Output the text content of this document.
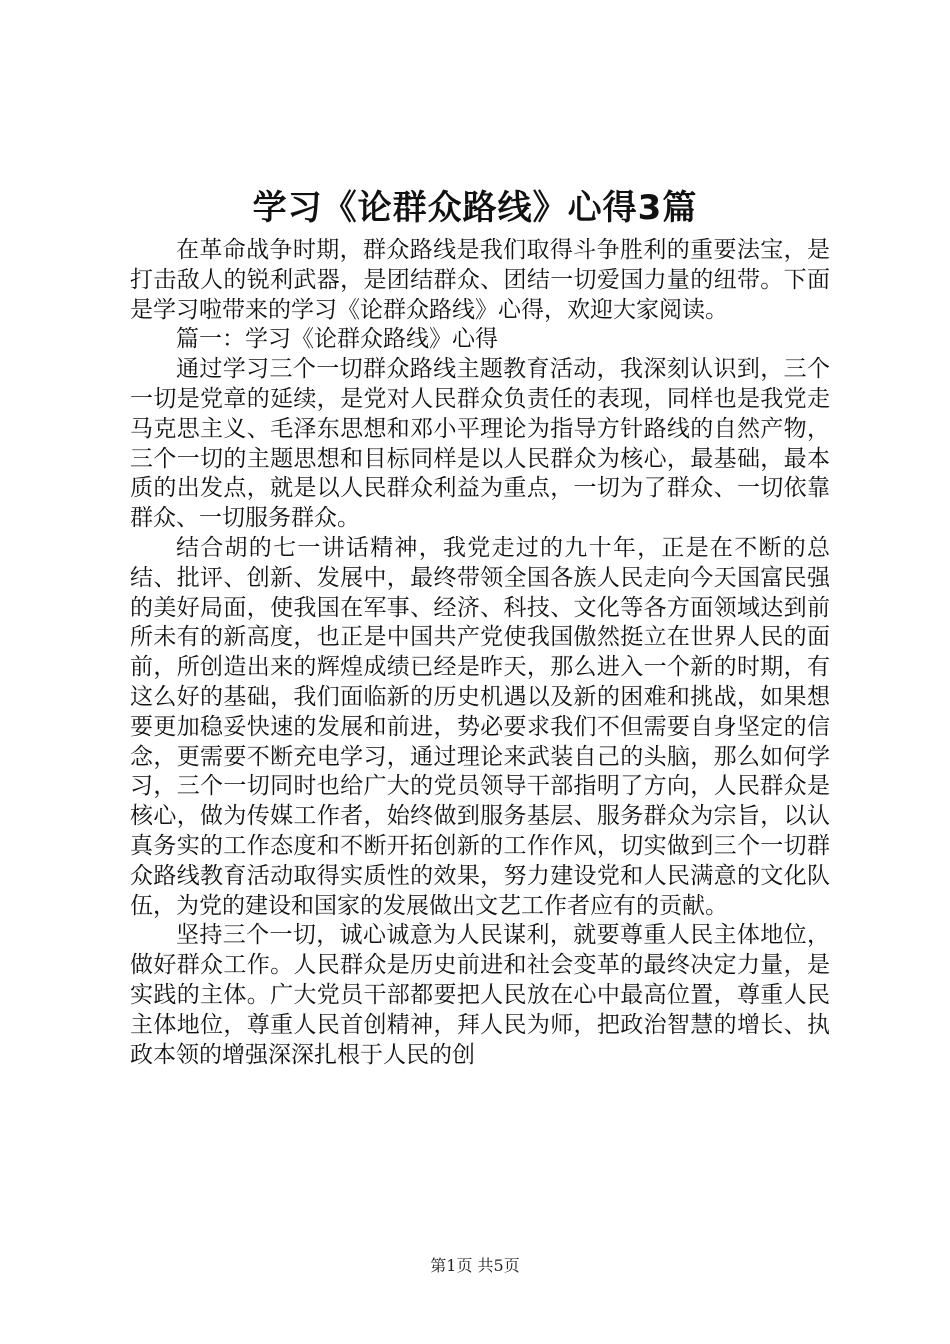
学习《论群众路线》心得3篇

在革命战争时期，群众路线是我们取得斗争胜利的重要法宝，是打击敌人的锐利武器，是团结群众、团结一切爱国力量的纽带。下面是学习啦带来的学习《论群众路线》心得，欢迎大家阅读。

篇一：学习《论群众路线》心得

通过学习三个一切群众路线主题教育活动，我深刻认识到，三个一切是党章的延续，是党对人民群众负责任的表现，同样也是我党走马克思主义、毛泽东思想和邓小平理论为指导方针路线的自然产物，三个一切的主题思想和目标同样是以人民群众为核心，最基础，最本质的出发点，就是以人民群众利益为重点，一切为了群众、一切依靠群众、一切服务群众。

结合胡的七一讲话精神，我党走过的九十年，正是在不断的总结、批评、创新、发展中，最终带领全国各族人民走向今天国富民强的美好局面，使我国在军事、经济、科技、文化等各方面领域达到前所未有的新高度，也正是中国共产党使我国傲然挺立在世界人民的面前，所创造出来的辉煌成绩已经是昨天，那么进入一个新的时期，有这么好的基础，我们面临新的历史机遇以及新的困难和挑战，如果想要更加稳妥快速的发展和前进，势必要求我们不但需要自身坚定的信念，更需要不断充电学习，通过理论来武装自己的头脑，那么如何学习，三个一切同时也给广大的党员领导干部指明了方向，人民群众是核心，做为传媒工作者，始终做到服务基层、服务群众为宗旨，以认真务实的工作态度和不断开拓创新的工作作风，切实做到三个一切群众路线教育活动取得实质性的效果，努力建设党和人民满意的文化队伍，为党的建设和国家的发展做出文艺工作者应有的贡献。

坚持三个一切，诚心诚意为人民谋利，就要尊重人民主体地位，做好群众工作。人民群众是历史前进和社会变革的最终决定力量，是实践的主体。广大党员干部都要把人民放在心中最高位置，尊重人民主体地位，尊重人民首创精神，拜人民为师，把政治智慧的增长、执政本领的增强深深扎根于人民的创

第1页 共5页
